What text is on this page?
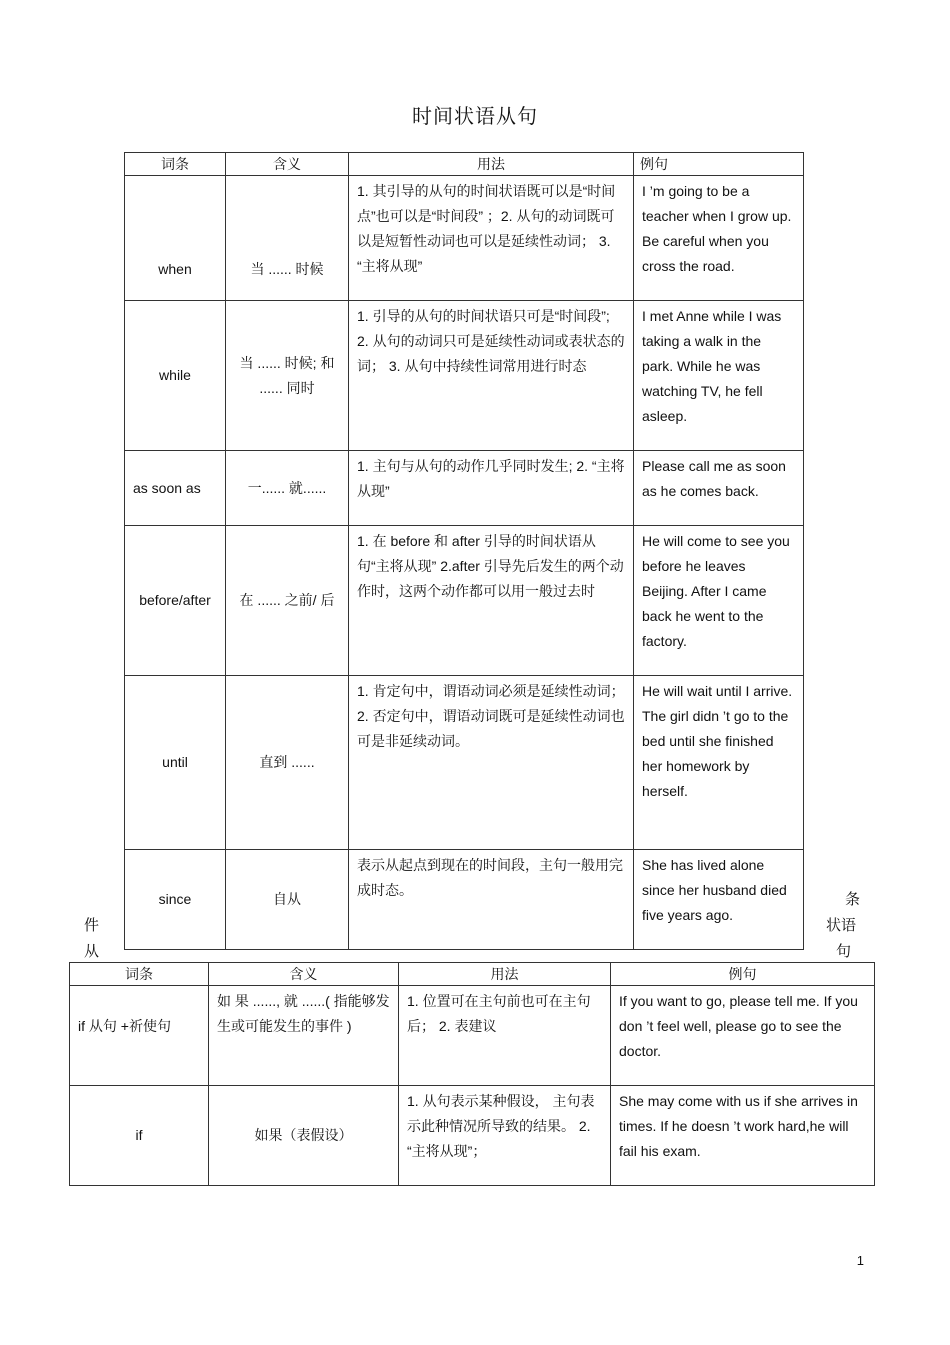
时间状语从句
词条	含义	用法	例句
when	当 ...... 时候	1. 其引导的从句的时间状语既可以是“时间点”也可以是“时间段” ；2. 从句的动词既可以是短暂性动词也可以是延续性动词； 3. “主将从现”	I ’m going to be a teacher when I grow up. Be careful when you cross the road.
while	当 ...... 时候; 和 ...... 同时	1. 引导的从句的时间状语只可是“时间段”; 2. 从句的动词只可是延续性动词或表状态的词； 3. 从句中持续性词常用进行时态	I met Anne while I was taking a walk in the park. While he was watching TV, he fell asleep.
as soon as	一...... 就......	1. 主句与从句的动作几乎同时发生; 2. “主将从现”	Please call me as soon as he comes back.
before/after	在 ...... 之前/ 后	1. 在 before 和 after 引导的时间状语从句“主将从现” 2.after 引导先后发生的两个动作时，这两个动作都可以用一般过去时	He will come to see you before he leaves Beijing. After I came back he went to the factory.
until	直到 ......	1. 肯定句中，谓语动词必须是延续性动词； 2. 否定句中，谓语动词既可是延续性动词也可是非延续动词。	He will wait until I arrive. The girl didn ’t go to the bed until she finished her homework by herself.
since	自从	表示从起点到现在的时间段，主句一般用完成时态。	She has lived alone since her husband died five years ago.
件
从
条
状语
句
词条	含义	用法	例句
if 从句 +祈使句	如 果 ......, 就 ......( 指能够发生或可能发生的事件 )	1. 位置可在主句前也可在主句后； 2. 表建议	If you want to go, please tell me. If you don ’t feel well, please go to see the doctor.
if	如果（表假设）	1. 从句表示某种假设， 主句表示此种情况所导致的结果。 2. “主将从现”；	She may come with us if she arrives in times. If he doesn ’t work hard,he will fail his exam.
1
